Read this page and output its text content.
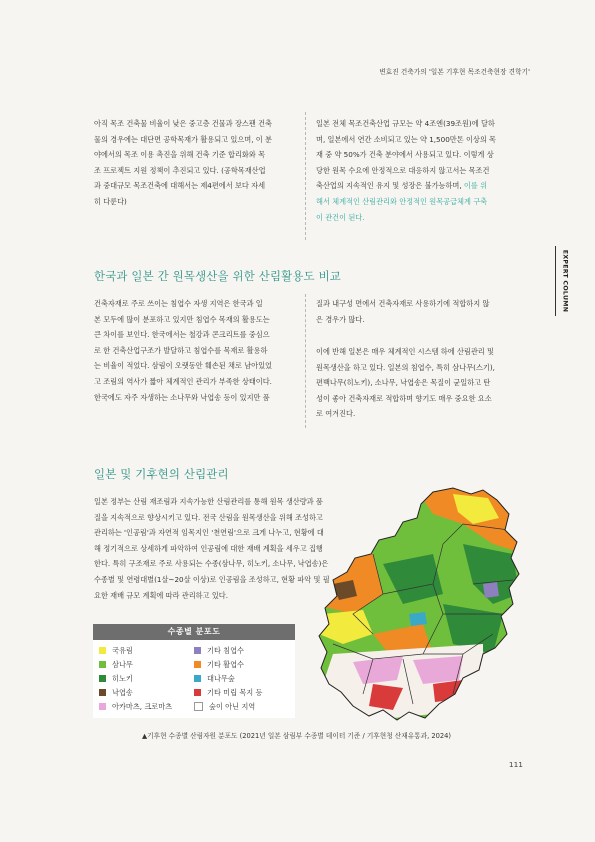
변효진 건축가의 '일본 기후현 목조건축현장 견학기'
EXPERT COLUMN
아직 목조 건축물 비율이 낮은 중고층 건물과 장스팬 건축
물의 경우에는 대단면 공학목재가 활용되고 있으며, 이 분
야에서의 목조 이용 촉진을 위해 건축 기준 합리화와 목
조 프로젝트 지원 정책이 추진되고 있다. (공학목재산업
과 중대규모 목조건축에 대해서는 제4편에서 보다 자세
히 다룬다)
일본 전체 목조건축산업 규모는 약 4조엔(39조원)에 달하
며, 일본에서 연간 소비되고 있는 약 1,500만톤 이상의 목
재 중 약 50%가 건축 분야에서 사용되고 있다. 이렇게 상
당한 원목 수요에 안정적으로 대응하지 않고서는 목조건
축산업의 지속적인 유지 및 성장은 불가능하며, 이를 위
해서 체계적인 산림관리와 안정적인 원목공급체계 구축
이 관건이 된다.
한국과 일본 간 원목생산을 위한 산림활용도 비교
건축자재로 주로 쓰이는 침엽수 자생 지역은 한국과 일
본 모두에 많이 분포하고 있지만 침엽수 목재의 활용도는
큰 차이를 보인다. 한국에서는 철강과 콘크리트를 중심으
로 한 건축산업구조가 발달하고 침엽수를 목재로 활용하
는 비율이 적었다. 삼림이 오랫동안 훼손된 채로 남아있었
고 조림의 역사가 짧아 체계적인 관리가 부족한 상태이다.
한국에도 자주 자생하는 소나무와 낙엽송 등이 있지만 품
질과 내구성 면에서 건축자재로 사용하기에 적합하지 않
은 경우가 많다.
이에 반해 일본은 매우 체계적인 시스템 하에 산림관리 및
원목생산을 하고 있다. 일본의 침엽수, 특히 삼나무(스기),
편백나무(히노키), 소나무, 낙엽송은 목질이 균일하고 탄
성이 좋아 건축자재로 적합하며 향기도 매우 중요한 요소
로 여겨진다.
일본 및 기후현의 산림관리
일본 정부는 산림 재조림과 지속가능한 산림관리를 통해 원목 생산량과 품
질을 지속적으로 향상시키고 있다. 전국 산림을 원목생산을 위해 조성하고
관리하는 '인공림'과 자연적 임목지인 '천연림'으로 크게 나누고, 현황에 대
해 정기적으로 상세하게 파악하여 인공림에 대한 재배 계획을 세우고 집행
한다. 특히 구조재로 주로 사용되는 수종(삼나무, 히노키, 소나무, 낙엽송)은
수종별 및 연령대별(1살~20살 이상)로 인공림을 조성하고, 현황 파악 및 필
요한 재배 규모 계획에 따라 관리하고 있다.
수종별 분포도
국유림	기타 침엽수
삼나무	기타 활엽수
히노키	대나무숲
낙엽송	기타 미립 목지 등
아카마츠, 크로마츠	숲이 아닌 지역
▲기후현 수종별 산림자원 분포도 (2021년 일본 삼림부 수종별 데이터 기준 / 기후현청 산재유통과, 2024)
111
